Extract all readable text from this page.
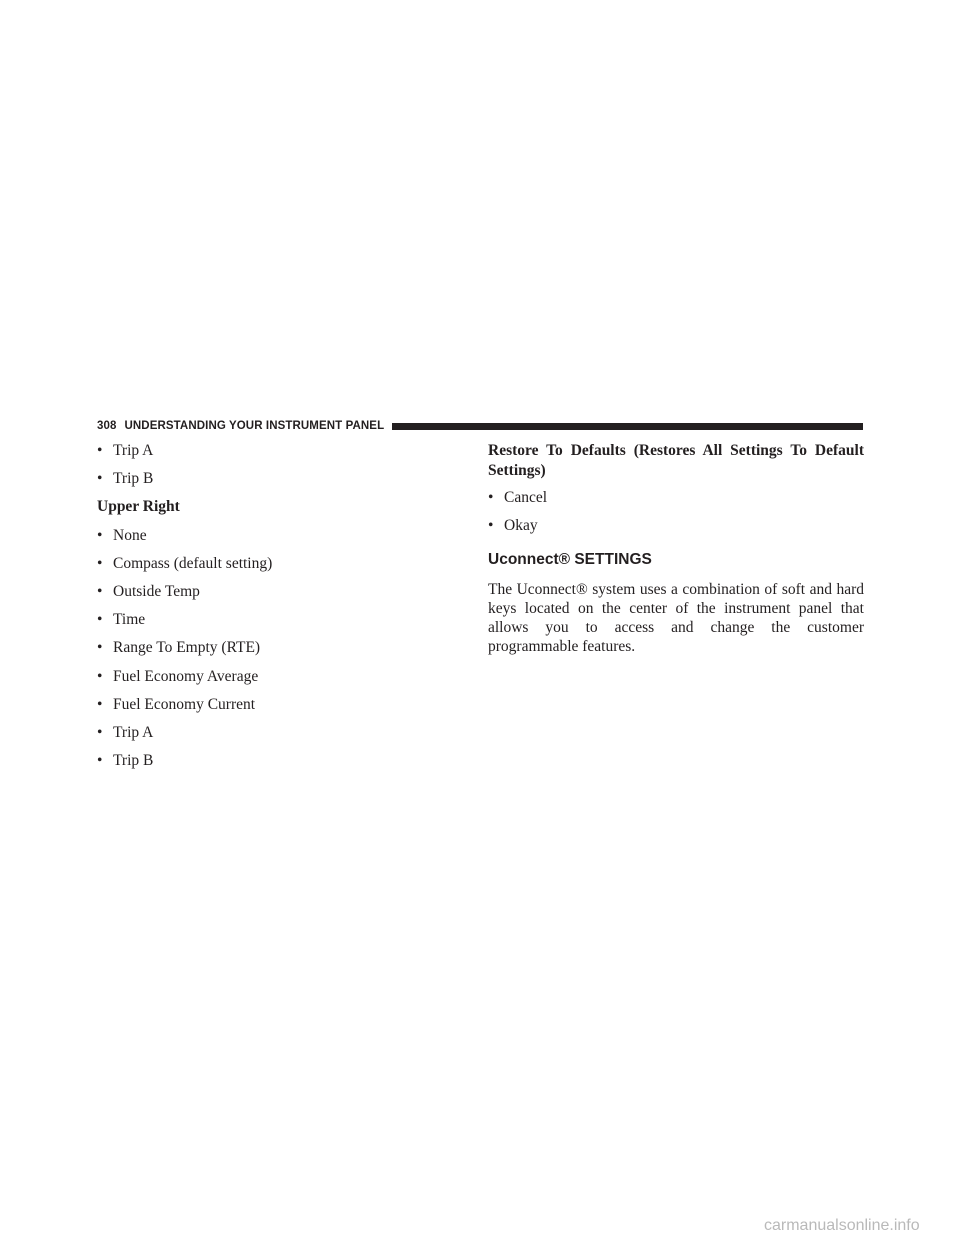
308 UNDERSTANDING YOUR INSTRUMENT PANEL
• Trip A
• Trip B
Upper Right
• None
• Compass (default setting)
• Outside Temp
• Time
• Range To Empty (RTE)
• Fuel Economy Average
• Fuel Economy Current
• Trip A
• Trip B
Restore To Defaults (Restores All Settings To Default Settings)
• Cancel
• Okay
Uconnect® SETTINGS

The Uconnect® system uses a combination of soft and hard keys located on the center of the instrument panel that allows you to access and change the customer programmable features.

carmanualsonline.info
